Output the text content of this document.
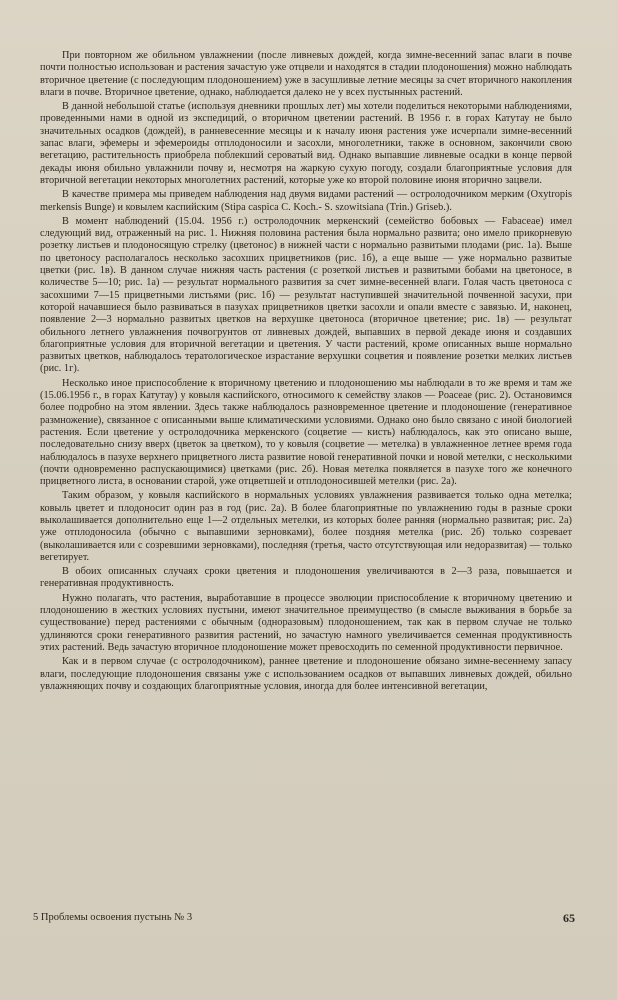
При повторном же обильном увлажнении (после ливневых дождей, когда зимне-весенний запас влаги в почве почти полностью использован и растения зачастую уже отцвели и находятся в стадии плодоношения) можно наблюдать вторичное цветение (с последующим плодоношением) уже в засушливые летние месяцы за счет вторичного накопления влаги в почве. Вторичное цветение, однако, наблюдается далеко не у всех пустынных растений.

В данной небольшой статье (используя дневники прошлых лет) мы хотели поделиться некоторыми наблюдениями, проведенными нами в одной из экспедиций, о вторичном цветении растений. В 1956 г. в горах Катутау не было значительных осадков (дождей), в ранневесенние месяцы и к началу июня растения уже исчерпали зимне-весенний запас влаги, эфемеры и эфемероиды отплодоносили и засохли, многолетники, также в основном, закончили свою вегетацию, растительность приобрела поблекший сероватый вид. Однако выпавшие ливневые осадки в конце первой декады июня обильно увлажнили почву и, несмотря на жаркую сухую погоду, создали благоприятные условия для вторичной вегетации некоторых многолетних растений, которые уже ко второй половине июня вторично зацвели.

В качестве примера мы приведем наблюдения над двумя видами растений — остролодочником мерким (Oxytropis merkensis Bunge) и ковылем каспийским (Stipa caspica C. Koch.- S. szowitsiana (Trin.) Griseb.).

В момент наблюдений (15.04. 1956 г.) остролодочник меркенский (семейство бобовых — Fabaceae) имел следующий вид, отраженный на рис. 1. Нижняя половина растения была нормально развита; оно имело прикорневую розетку листьев и плодоносящую стрелку (цветонос) в нижней части с нормально развитыми плодами (рис. 1а). Выше по цветоносу располагалось несколько засохших прицветников (рис. 1б), а еще выше — уже нормально развитые цветки (рис. 1в). В данном случае нижняя часть растения (с розеткой листьев и развитыми бобами на цветоносе, в количестве 5—10; рис. 1а) — результат нормального развития за счет зимне-весенней влаги. Голая часть цветоноса с засохшими 7—15 прицветными листьями (рис. 1б) — результат наступившей значительной почвенной засухи, при которой начавшиеся было развиваться в пазухах прицветников цветки засохли и опали вместе с завязью. И, наконец, появление 2—3 нормально развитых цветков на верхушке цветоноса (вторичное цветение; рис. 1в) — результат обильного летнего увлажнения почвогрунтов от ливневых дождей, выпавших в первой декаде июня и создавших благоприятные условия для вторичной вегетации и цветения. У части растений, кроме описанных выше нормально развитых цветков, наблюдалось тератологическое изрaстание верхушки соцветия и появление розетки мелких листьев (рис. 1г).

Несколько иное приспособление к вторичному цветению и плодоношению мы наблюдали в то же время и там же (15.06.1956 г., в горах Катутау) у ковыля каспийского, относимого к семейству злаков — Poaceae (рис. 2). Остановимся более подробно на этом явлении. Здесь также наблюдалось разновременное цветение и плодоношение (генеративное размножение), связанное с описанными выше климатическими условиями. Однако оно было связано с иной биологией растения. Если цветение у остролодочника меркенского (соцветие — кисть) наблюдалось, как это описано выше, последовательно снизу вверх (цветок за цветком), то у ковыля (соцветие — метелка) в увлажненное летнее время года наблюдалось в пазухе верхнего прицветного листа развитие новой генеративной почки и новой метелки, с несколькими (почти одновременно распускающимися) цветками (рис. 2б). Новая метелка появляется в пазухе того же конечного прицветного листа, в основании старой, уже отцветшей и отплодоносившей метелки (рис. 2а).

Таким образом, у ковыля каспийского в нормальных условиях увлажнения развивается только одна метелка; ковыль цветет и плодоносит один раз в год (рис. 2а). В более благоприятные по увлажнению годы в разные сроки выколашивается дополнительно еще 1—2 отдельных метелки, из которых более ранняя (нормально развитая; рис. 2а) уже отплодоносила (обычно с выпавшими зерновками), более поздняя метелка (рис. 2б) только созревает (выколашивается или с созревшими зерновками), последняя (третья, часто отсутствующая или недоразвитая) — только вегетирует.

В обоих описанных случаях сроки цветения и плодоношения увеличиваются в 2—3 раза, повышается и генеративная продуктивность.

Нужно полагать, что растения, выработавшие в процессе эволюции приспособление к вторичному цветению и плодоношению в жестких условиях пустыни, имеют значительное преимущество (в смысле выживания в борьбе за существование) перед растениями с обычным (одноразовым) плодоношением, так как в первом случае не только удлиняются сроки генеративного развития растений, но зачастую намного увеличивается семенная продуктивность этих растений. Ведь зачастую вторичное плодоношение может превосходить по семенной продуктивности первичное.

Как и в первом случае (с остролодочником), раннее цветение и плодоношение обязано зимне-весеннему запасу влаги, последующие плодоношения связаны уже с использованием осадков от выпавших ливневых дождей, обильно увлажняющих почву и создающих благоприятные условия, иногда для более интенсивной вегетации,

5 Проблемы освоения пустынь № 3	65
